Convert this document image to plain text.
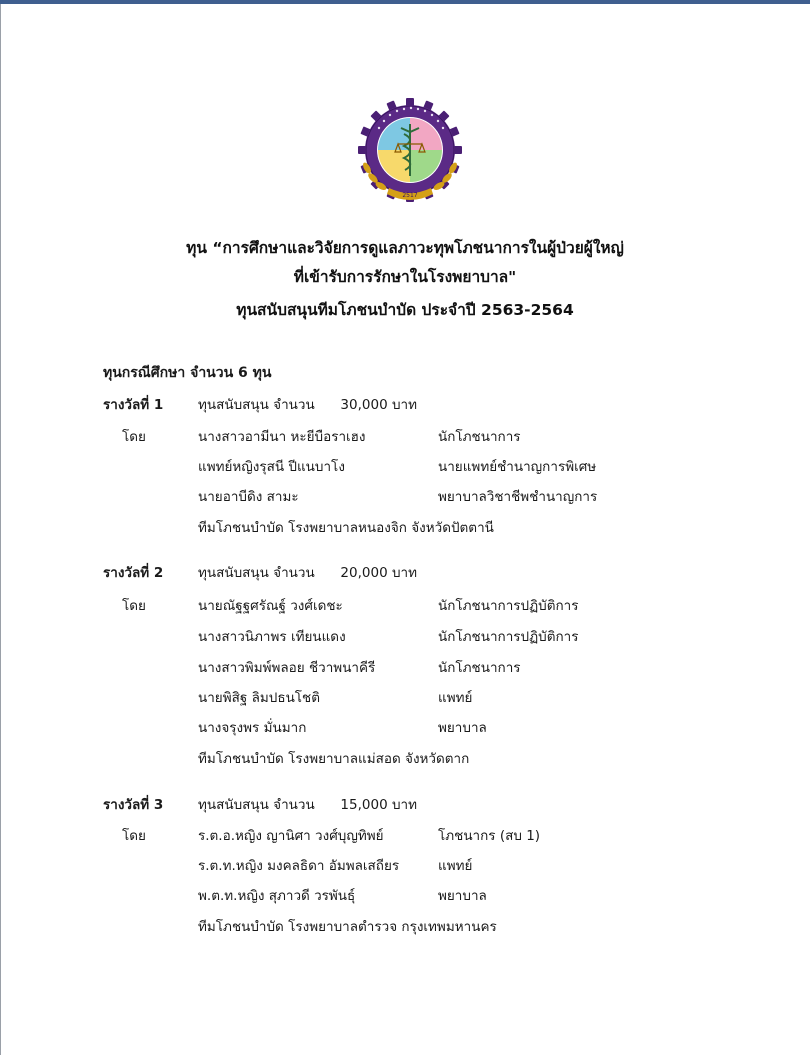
2517
ทุน “การศึกษาและวิจัยการดูแลภาวะทุพโภชนาการในผู้ป่วยผู้ใหญ่
ที่เข้ารับการรักษาในโรงพยาบาล"
ทุนสนับสนุนทีมโภชนบำบัด ประจำปี 2563-2564
ทุนกรณีศึกษา จำนวน 6 ทุน
รางวัลที่ 1	ทุนสนับสนุน จำนวน      30,000 บาท
โดย	นางสาวอามีนา หะยีบือราเฮง	นักโภชนาการ
แพทย์หญิงรุสนี ปีแนบาโง	นายแพทย์ชำนาญการพิเศษ
นายอาบีดิง สามะ	พยาบาลวิชาชีพชำนาญการ
ทีมโภชนบำบัด โรงพยาบาลหนองจิก จังหวัดปัตตานี
รางวัลที่ 2	ทุนสนับสนุน จำนวน      20,000 บาท
โดย	นายณัฐฐศรัณฐ์ วงศ์เดชะ	นักโภชนาการปฏิบัติการ
นางสาวนิภาพร เทียนแดง	นักโภชนาการปฏิบัติการ
นางสาวพิมพ์พลอย ชีวาพนาคีรี	นักโภชนาการ
นายพิสิฐ ลิมปธนโชติ	แพทย์
นางจรุงพร มั่นมาก	พยาบาล
ทีมโภชนบำบัด โรงพยาบาลแม่สอด จังหวัดตาก
รางวัลที่ 3	ทุนสนับสนุน จำนวน      15,000 บาท
โดย	ร.ต.อ.หญิง ญานิศา วงศ์บุญทิพย์	โภชนากร (สบ 1)
ร.ต.ท.หญิง มงคลธิดา อัมพลเสถียร	แพทย์
พ.ต.ท.หญิง สุภาวดี วรพันธุ์	พยาบาล
ทีมโภชนบำบัด โรงพยาบาลตำรวจ กรุงเทพมหานคร
